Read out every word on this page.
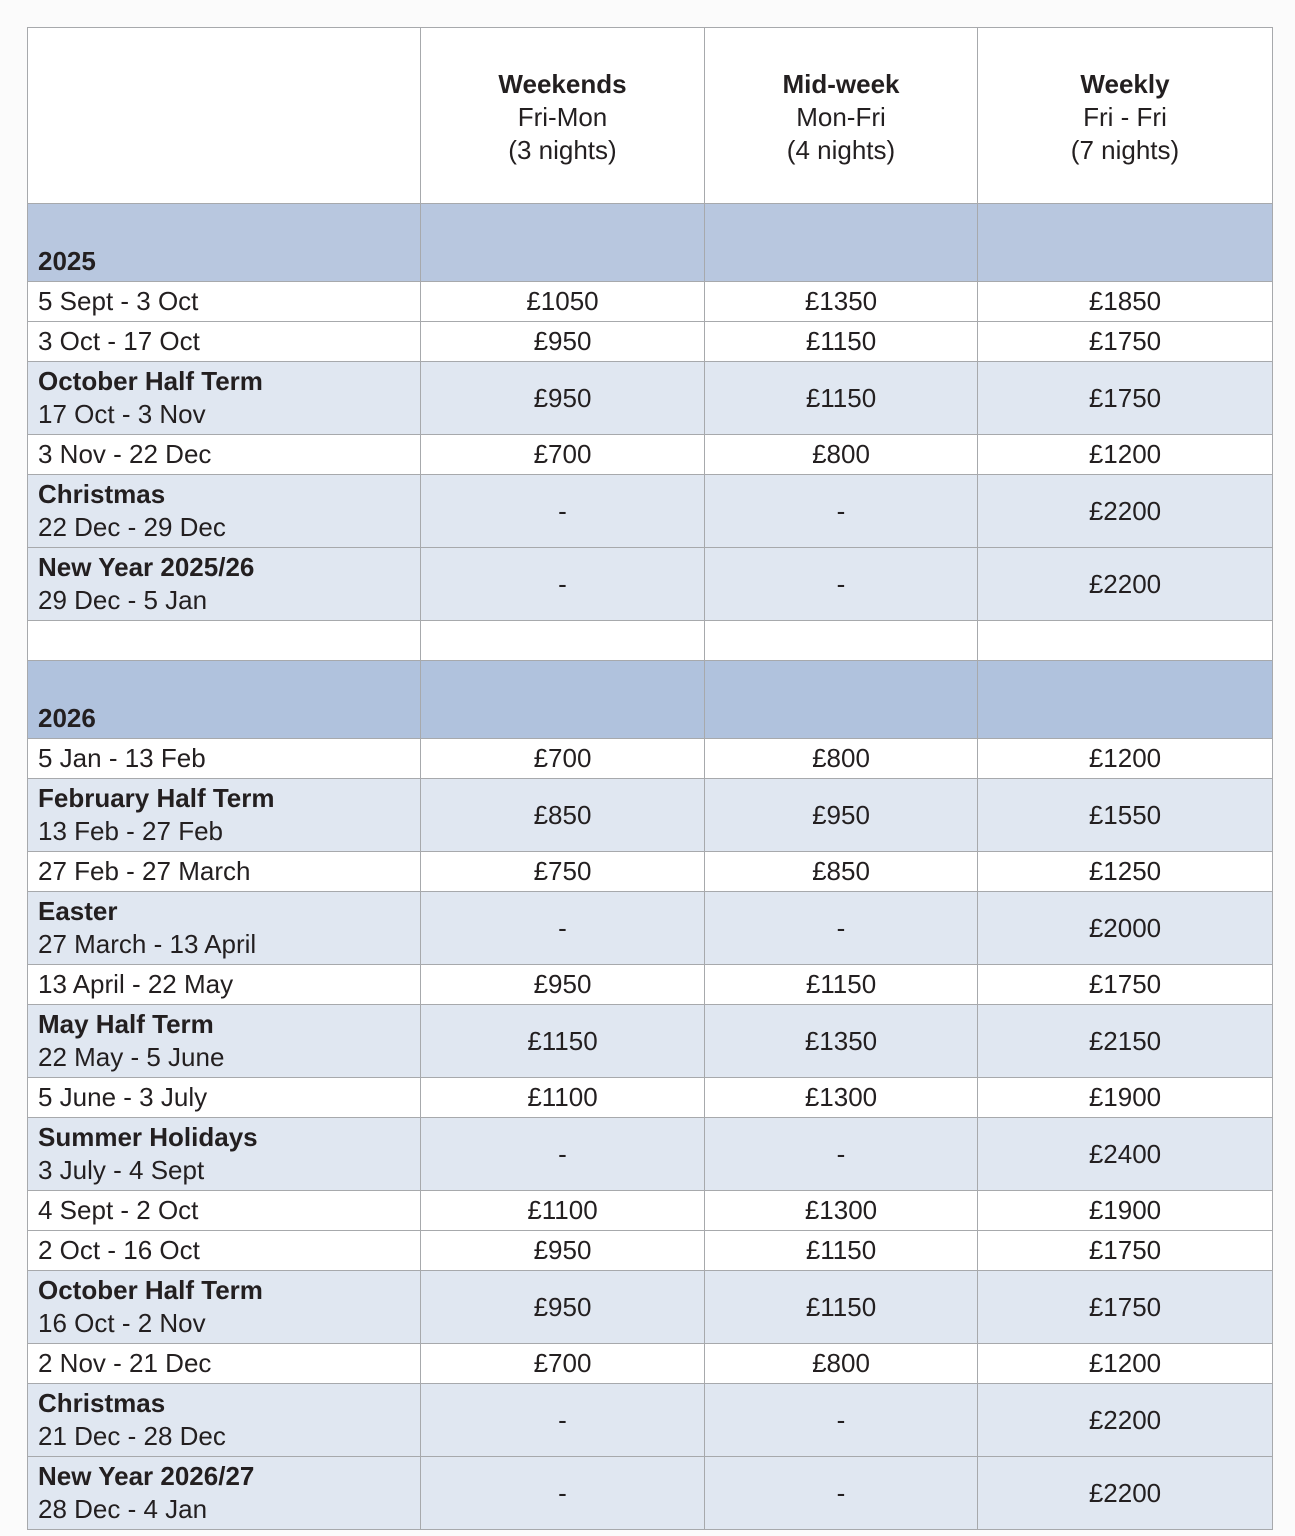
	Weekends
Fri-Mon
(3 nights)	Mid-week
Mon-Fri
(4 nights)	Weekly
Fri - Fri
(7 nights)

2025			

5 Sept - 3 Oct	£1050	£1350	£1850

3 Oct - 17 Oct	£950	£1150	£1750

October Half Term
17 Oct - 3 Nov	£950	£1150	£1750

3 Nov - 22 Dec	£700	£800	£1200

Christmas
22 Dec - 29 Dec	-	-	£2200

New Year 2025/26
29 Dec - 5 Jan	-	-	£2200

2026			

5 Jan - 13 Feb	£700	£800	£1200

February Half Term
13 Feb - 27 Feb	£850	£950	£1550

27 Feb - 27 March	£750	£850	£1250

Easter
27 March - 13 April	-	-	£2000

13 April - 22 May	£950	£1150	£1750

May Half Term
22 May - 5 June	£1150	£1350	£2150

5 June - 3 July	£1100	£1300	£1900

Summer Holidays
3 July - 4 Sept	-	-	£2400

4 Sept - 2 Oct	£1100	£1300	£1900

2 Oct - 16 Oct	£950	£1150	£1750

October Half Term
16 Oct - 2 Nov	£950	£1150	£1750

2 Nov - 21 Dec	£700	£800	£1200

Christmas
21 Dec - 28 Dec	-	-	£2200

New Year 2026/27
28 Dec - 4 Jan	-	-	£2200
